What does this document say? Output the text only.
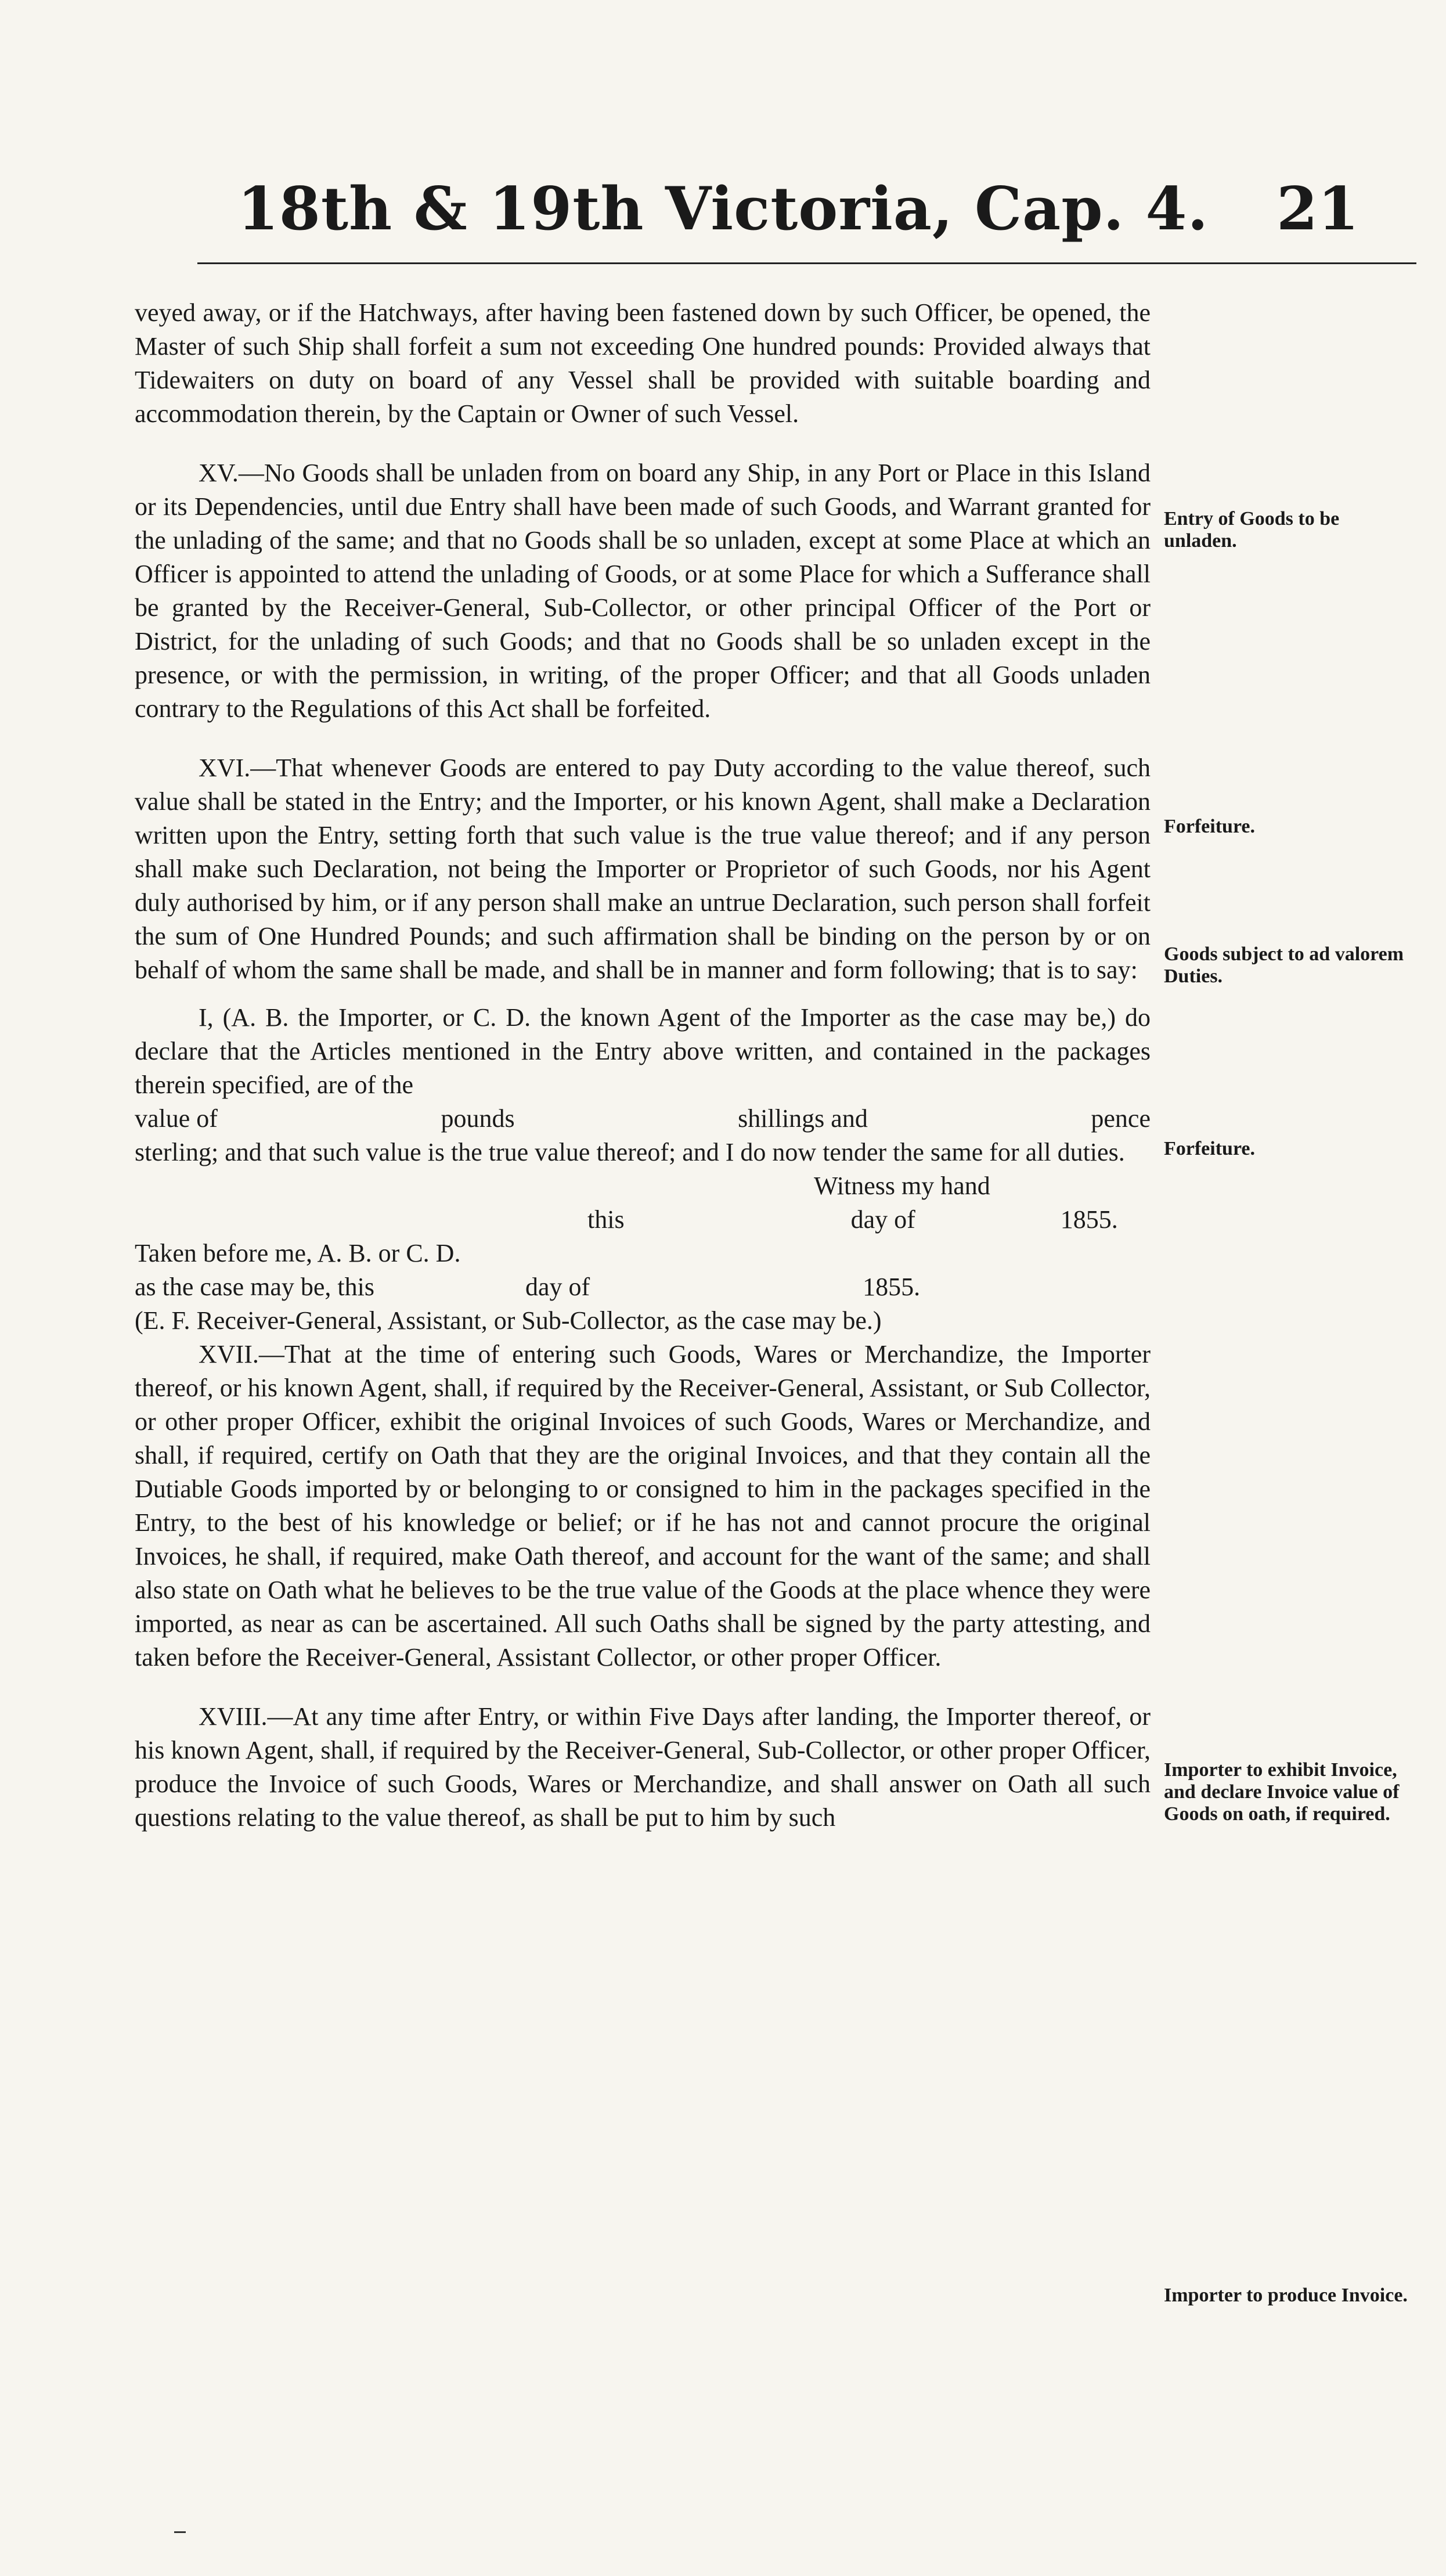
18th & 19th Victoria, Cap. 4.	21

veyed away, or if the Hatchways, after having been fastened down by such Officer, be opened, the Master of such Ship shall forfeit a sum not exceeding One hundred pounds: Provided always that Tidewaiters on duty on board of any Vessel shall be provided with suitable boarding and accommodation therein, by the Captain or Owner of such Vessel.

XV.—No Goods shall be unladen from on board any Ship, in any Port or Place in this Island or its Dependencies, until due Entry shall have been made of such Goods, and Warrant granted for the unlading of the same; and that no Goods shall be so unladen, except at some Place at which an Officer is appointed to attend the unlading of Goods, or at some Place for which a Sufferance shall be granted by the Receiver-General, Sub-Collector, or other principal Officer of the Port or District, for the unlading of such Goods; and that no Goods shall be so unladen except in the presence, or with the permission, in writing, of the proper Officer; and that all Goods unladen contrary to the Regulations of this Act shall be forfeited.

XVI.—That whenever Goods are entered to pay Duty according to the value thereof, such value shall be stated in the Entry; and the Importer, or his known Agent, shall make a Declaration written upon the Entry, setting forth that such value is the true value thereof; and if any person shall make such Declaration, not being the Importer or Proprietor of such Goods, nor his Agent duly authorised by him, or if any person shall make an untrue Declaration, such person shall forfeit the sum of One Hundred Pounds; and such affirmation shall be binding on the person by or on behalf of whom the same shall be made, and shall be in manner and form following; that is to say:

I, (A. B. the Importer, or C. D. the known Agent of the Importer as the case may be,) do declare that the Articles mentioned in the Entry above written, and contained in the packages therein specified, are of the

value of	pounds	shillings and	pence

sterling; and that such value is the true value thereof; and I do now tender the same for all duties.

Witness my hand

this	day of	1855.

Taken before me, A. B. or C. D.

as the case may be, this	day of	1855.

(E. F. Receiver-General, Assistant, or Sub-Collector, as the case may be.)

XVII.—That at the time of entering such Goods, Wares or Merchandize, the Importer thereof, or his known Agent, shall, if required by the Receiver-General, Assistant, or Sub Collector, or other proper Officer, exhibit the original Invoices of such Goods, Wares or Merchandize, and shall, if required, certify on Oath that they are the original Invoices, and that they contain all the Dutiable Goods imported by or belonging to or consigned to him in the packages specified in the Entry, to the best of his knowledge or belief; or if he has not and cannot procure the original Invoices, he shall, if required, make Oath thereof, and account for the want of the same; and shall also state on Oath what he believes to be the true value of the Goods at the place whence they were imported, as near as can be ascertained. All such Oaths shall be signed by the party attesting, and taken before the Receiver-General, Assistant Collector, or other proper Officer.

XVIII.—At any time after Entry, or within Five Days after landing, the Importer thereof, or his known Agent, shall, if required by the Receiver-General, Sub-Collector, or other proper Officer, produce the Invoice of such Goods, Wares or Merchandize, and shall answer on Oath all such questions relating to the value thereof, as shall be put to him by such

Entry of Goods to be unladen.
Forfeiture.
Goods subject to ad valorem Duties.
Forfeiture.
Importer to exhibit Invoice, and declare Invoice value of Goods on oath, if required.
Importer to produce Invoice.
